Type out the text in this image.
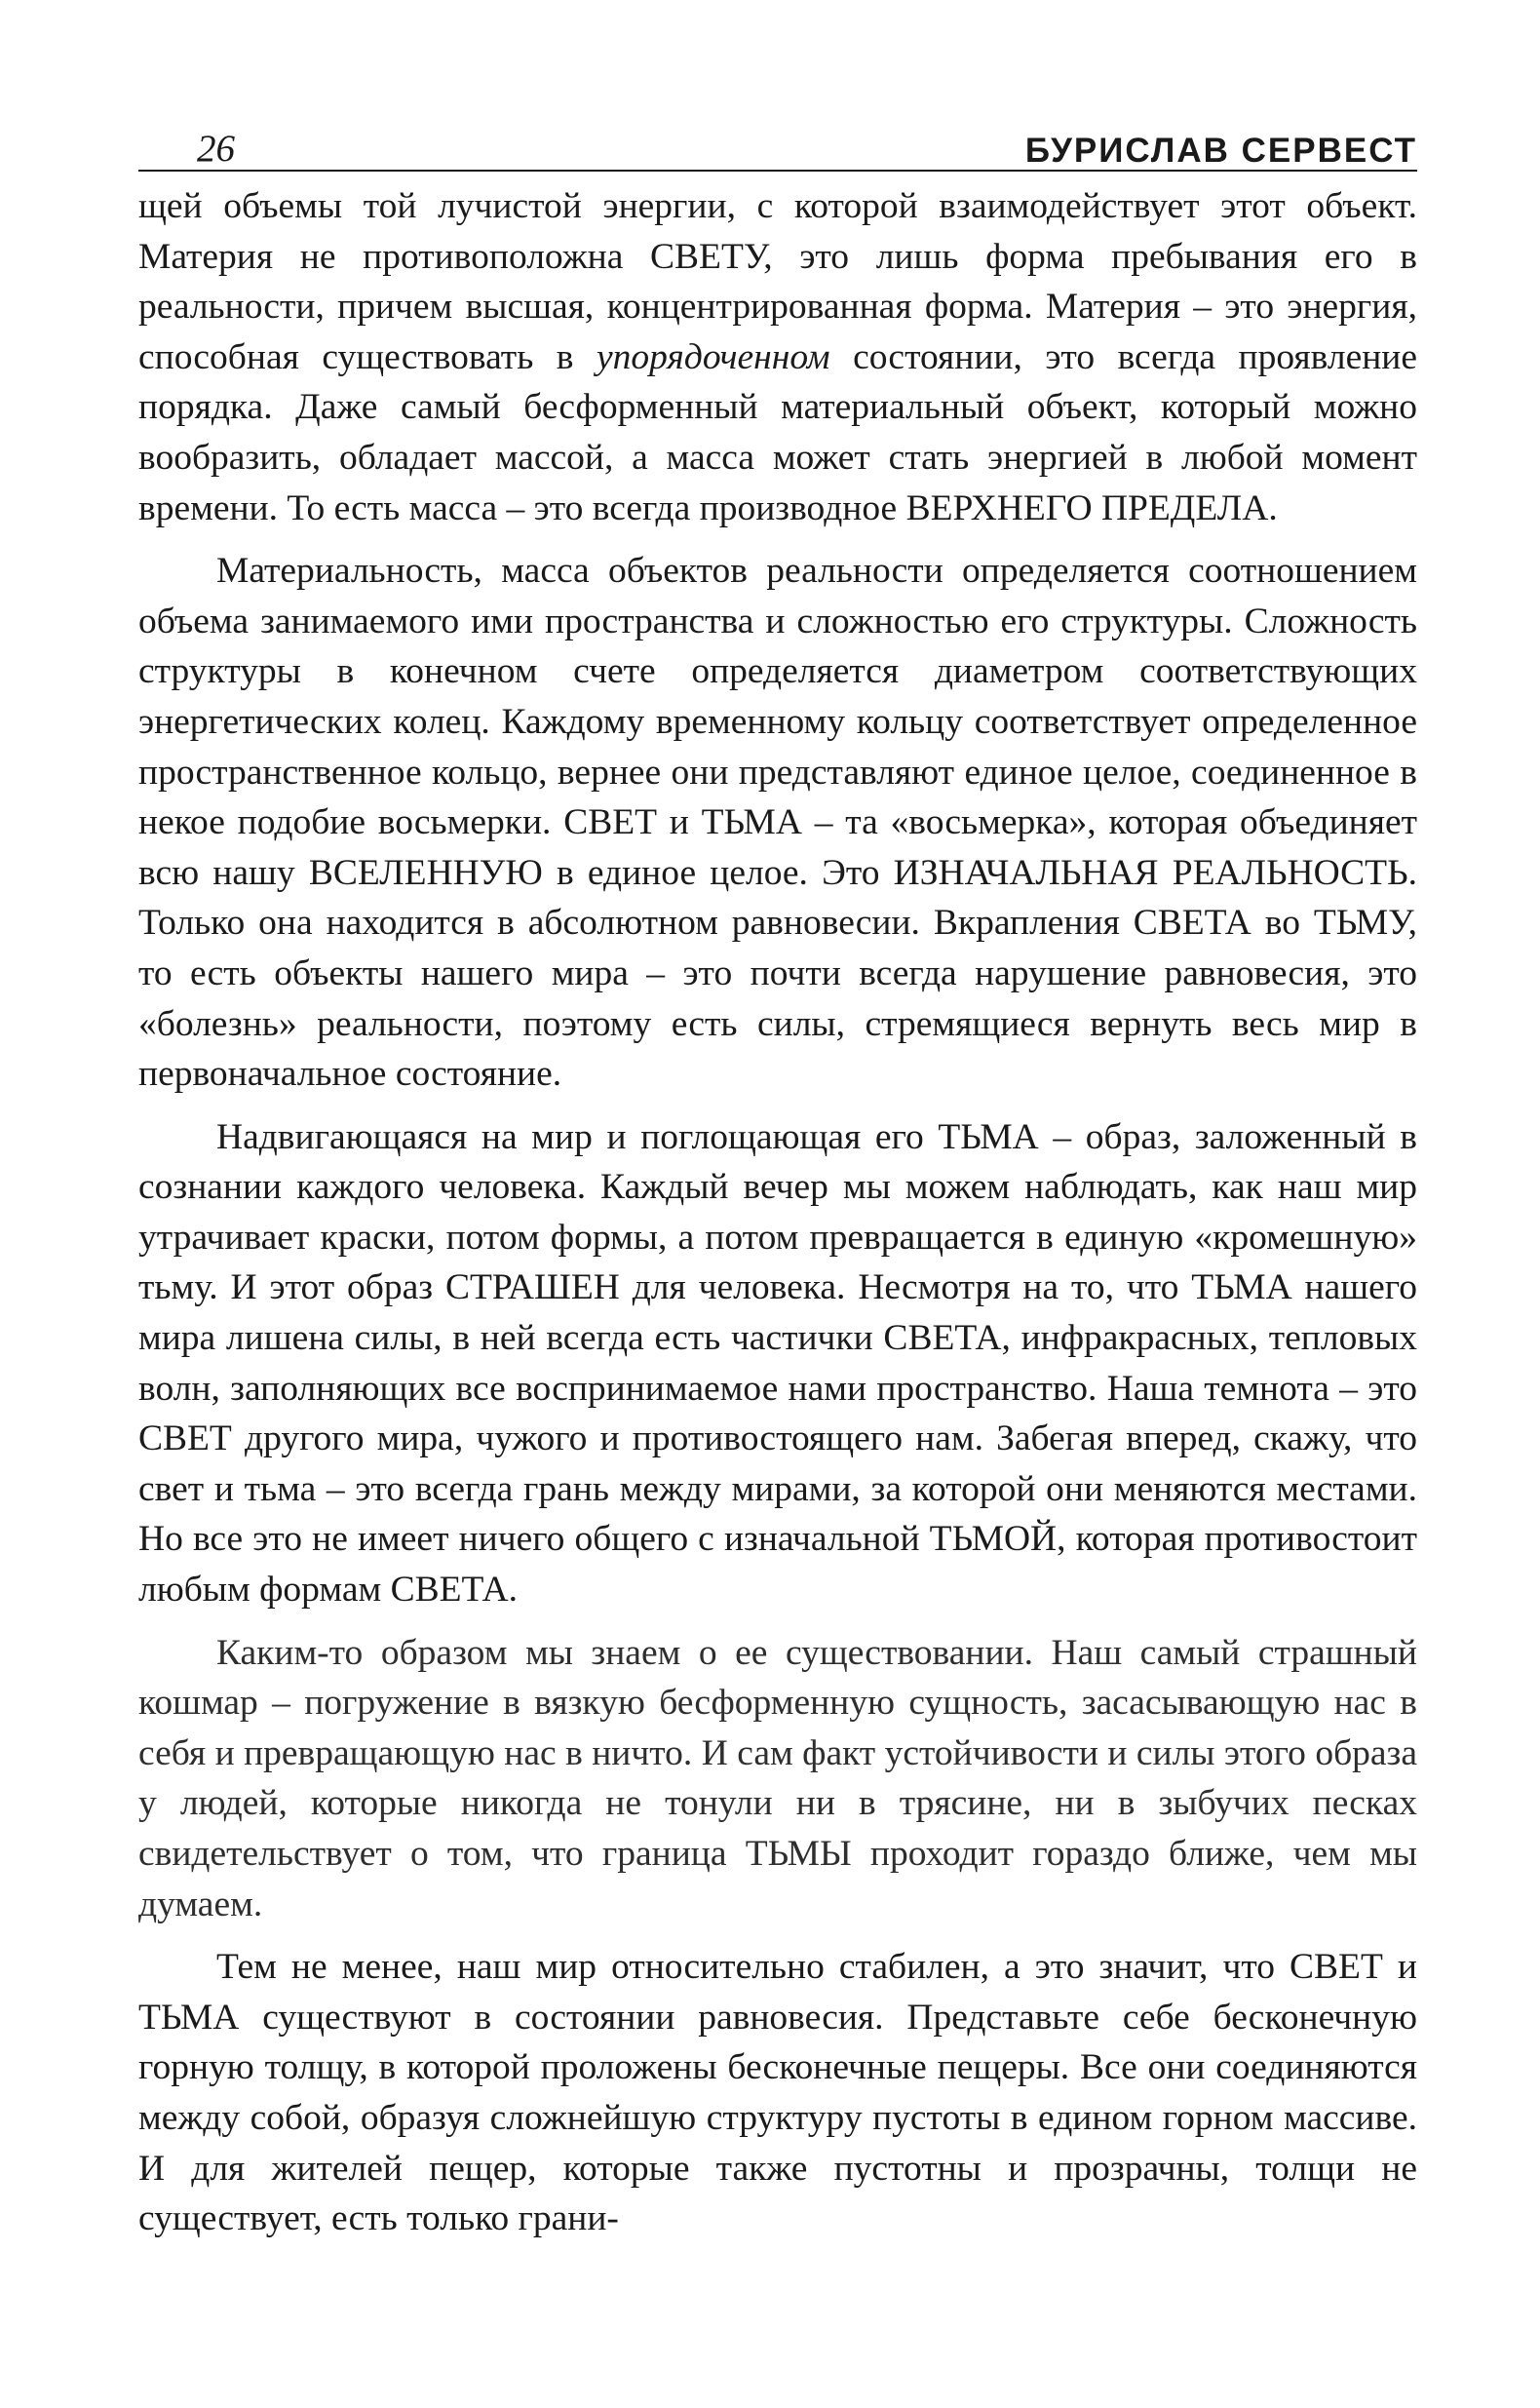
26	БУРИСЛАВ СЕРВЕСТ

щей объемы той лучистой энергии, с которой взаимодействует этот объект. Материя не противоположна СВЕТУ, это лишь форма пребывания его в реальности, причем высшая, концентрированная форма. Материя – это энергия, способная существовать в упорядоченном состоянии, это всегда проявление порядка. Даже самый бесформенный материальный объект, который можно вообразить, обладает массой, а масса может стать энергией в любой момент времени. То есть масса – это всегда производное ВЕРХНЕГО ПРЕДЕЛА.

Материальность, масса объектов реальности определяется соотношением объема занимаемого ими пространства и сложностью его структуры. Сложность структуры в конечном счете определяется диаметром соответствующих энергетических колец. Каждому временному кольцу соответствует определенное пространственное кольцо, вернее они представляют единое целое, соединенное в некое подобие восьмерки. СВЕТ и ТЬМА – та «восьмерка», которая объединяет всю нашу ВСЕЛЕННУЮ в единое целое. Это ИЗНАЧАЛЬНАЯ РЕАЛЬНОСТЬ. Только она находится в абсолютном равновесии. Вкрапления СВЕТА во ТЬМУ, то есть объекты нашего мира – это почти всегда нарушение равновесия, это «болезнь» реальности, поэтому есть силы, стремящиеся вернуть весь мир в первоначальное состояние.

Надвигающаяся на мир и поглощающая его ТЬМА – образ, заложенный в сознании каждого человека. Каждый вечер мы можем наблюдать, как наш мир утрачивает краски, потом формы, а потом превращается в единую «кромешную» тьму. И этот образ СТРАШЕН для человека. Несмотря на то, что ТЬМА нашего мира лишена силы, в ней всегда есть частички СВЕТА, инфракрасных, тепловых волн, заполняющих все воспринимаемое нами пространство. Наша темнота – это СВЕТ другого мира, чужого и противостоящего нам. Забегая вперед, скажу, что свет и тьма – это всегда грань между мирами, за которой они меняются местами. Но все это не имеет ничего общего с изначальной ТЬМОЙ, которая противостоит любым формам СВЕТА.

Каким-то образом мы знаем о ее существовании. Наш самый страшный кошмар – погружение в вязкую бесформенную сущность, засасывающую нас в себя и превращающую нас в ничто. И сам факт устойчивости и силы этого образа у людей, которые никогда не тонули ни в трясине, ни в зыбучих песках свидетельствует о том, что граница ТЬМЫ проходит гораздо ближе, чем мы думаем.

Тем не менее, наш мир относительно стабилен, а это значит, что СВЕТ и ТЬМА существуют в состоянии равновесия. Представьте себе бесконечную горную толщу, в которой проложены бесконечные пещеры. Все они соединяются между собой, образуя сложнейшую структуру пустоты в едином горном массиве. И для жителей пещер, которые также пустотны и прозрачны, толщи не существует, есть только грани-
